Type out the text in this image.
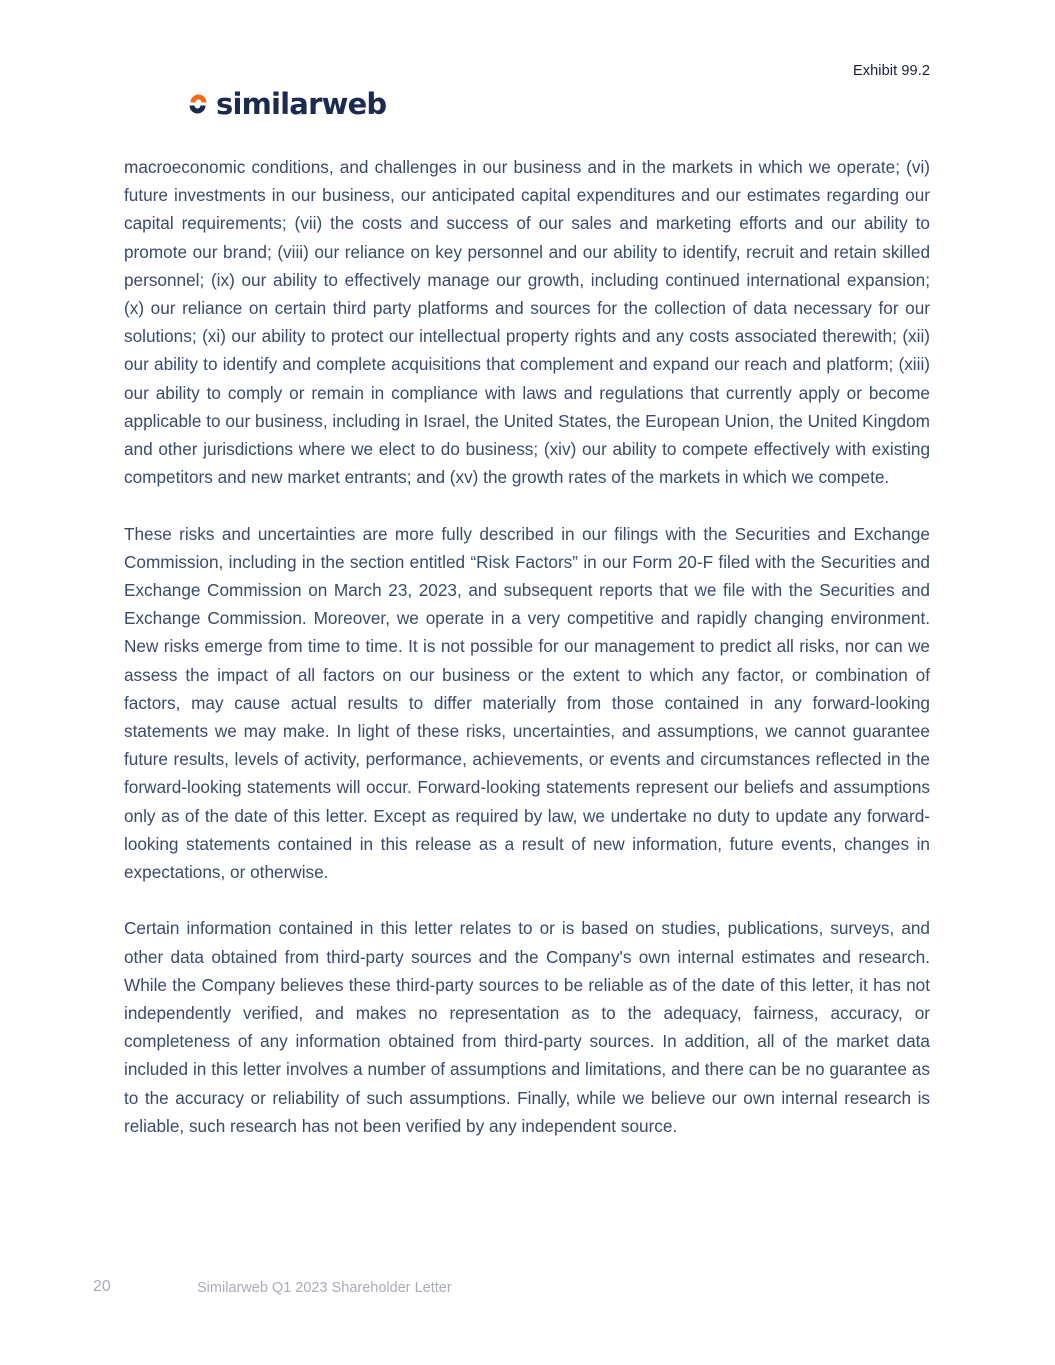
Exhibit 99.2
similarweb

macroeconomic conditions, and challenges in our business and in the markets in which we operate; (vi) future investments in our business, our anticipated capital expenditures and our estimates regarding our capital requirements; (vii) the costs and success of our sales and marketing efforts and our ability to promote our brand; (viii) our reliance on key personnel and our ability to identify, recruit and retain skilled personnel; (ix) our ability to effectively manage our growth, including continued international expansion; (x) our reliance on certain third party platforms and sources for the collection of data necessary for our solutions; (xi) our ability to protect our intellectual property rights and any costs associated therewith; (xii) our ability to identify and complete acquisitions that complement and expand our reach and platform; (xiii) our ability to comply or remain in compliance with laws and regulations that currently apply or become applicable to our business, including in Israel, the United States, the European Union, the United Kingdom and other jurisdictions where we elect to do business; (xiv) our ability to compete effectively with existing competitors and new market entrants; and (xv) the growth rates of the markets in which we compete.

These risks and uncertainties are more fully described in our filings with the Securities and Exchange Commission, including in the section entitled “Risk Factors” in our Form 20-F filed with the Securities and Exchange Commission on March 23, 2023, and subsequent reports that we file with the Securities and Exchange Commission. Moreover, we operate in a very competitive and rapidly changing environment. New risks emerge from time to time. It is not possible for our management to predict all risks, nor can we assess the impact of all factors on our business or the extent to which any factor, or combination of factors, may cause actual results to differ materially from those contained in any forward-looking statements we may make. In light of these risks, uncertainties, and assumptions, we cannot guarantee future results, levels of activity, performance, achievements, or events and circumstances reflected in the forward-looking statements will occur. Forward-looking statements represent our beliefs and assumptions only as of the date of this letter. Except as required by law, we undertake no duty to update any forward-looking statements contained in this release as a result of new information, future events, changes in expectations, or otherwise.

Certain information contained in this letter relates to or is based on studies, publications, surveys, and other data obtained from third-party sources and the Company's own internal estimates and research. While the Company believes these third-party sources to be reliable as of the date of this letter, it has not independently verified, and makes no representation as to the adequacy, fairness, accuracy, or completeness of any information obtained from third-party sources. In addition, all of the market data included in this letter involves a number of assumptions and limitations, and there can be no guarantee as to the accuracy or reliability of such assumptions. Finally, while we believe our own internal research is reliable, such research has not been verified by any independent source.

20	Similarweb Q1 2023 Shareholder Letter
